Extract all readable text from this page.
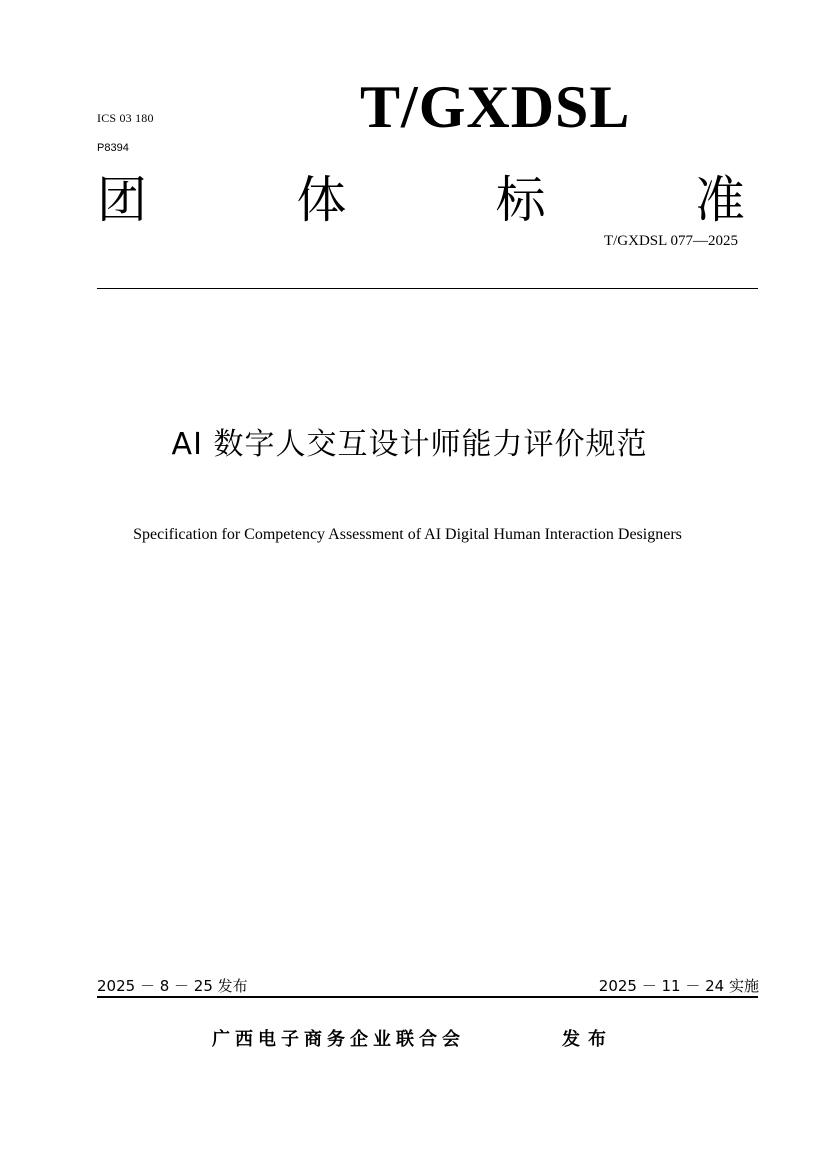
ICS 03 180
P8394
T/GXDSL
团	体	标	准
T/GXDSL 077—2025
AI 数字人交互设计师能力评价规范
Specification for Competency Assessment of AI Digital Human Interaction Designers
2025 － 8 － 25 发布	2025 － 11 － 24 实施
广西电子商务企业联合会	发布
